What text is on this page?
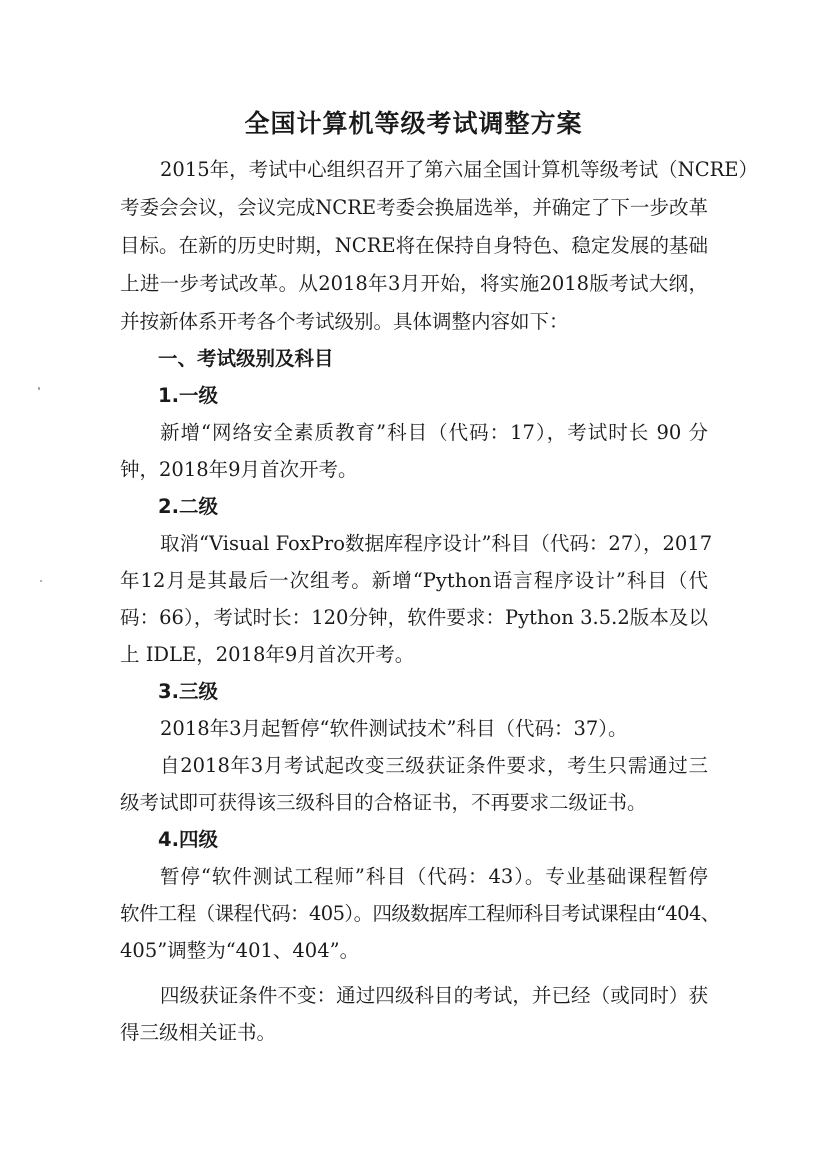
全国计算机等级考试调整方案
2015年，考试中心组织召开了第六届全国计算机等级考试（NCRE）
考委会会议，会议完成NCRE考委会换届选举，并确定了下一步改革
目标。在新的历史时期，NCRE将在保持自身特色、稳定发展的基础
上进一步考试改革。从2018年3月开始，将实施2018版考试大纲，
并按新体系开考各个考试级别。具体调整内容如下：
一、考试级别及科目
1.一级
新增“网络安全素质教育”科目（代码：17），考试时长 90 分
钟，2018年9月首次开考。
2.二级
取消“Visual FoxPro数据库程序设计”科目（代码：27），2017
年12月是其最后一次组考。新增“Python语言程序设计”科目（代
码：66），考试时长：120分钟，软件要求：Python 3.5.2版本及以
上 IDLE，2018年9月首次开考。
3.三级
2018年3月起暂停“软件测试技术”科目（代码：37）。
自2018年3月考试起改变三级获证条件要求，考生只需通过三
级考试即可获得该三级科目的合格证书，不再要求二级证书。
4.四级
暂停“软件测试工程师”科目（代码：43）。专业基础课程暂停
软件工程（课程代码：405）。四级数据库工程师科目考试课程由“404、
405”调整为“401、404”。
四级获证条件不变：通过四级科目的考试，并已经（或同时）获
得三级相关证书。
